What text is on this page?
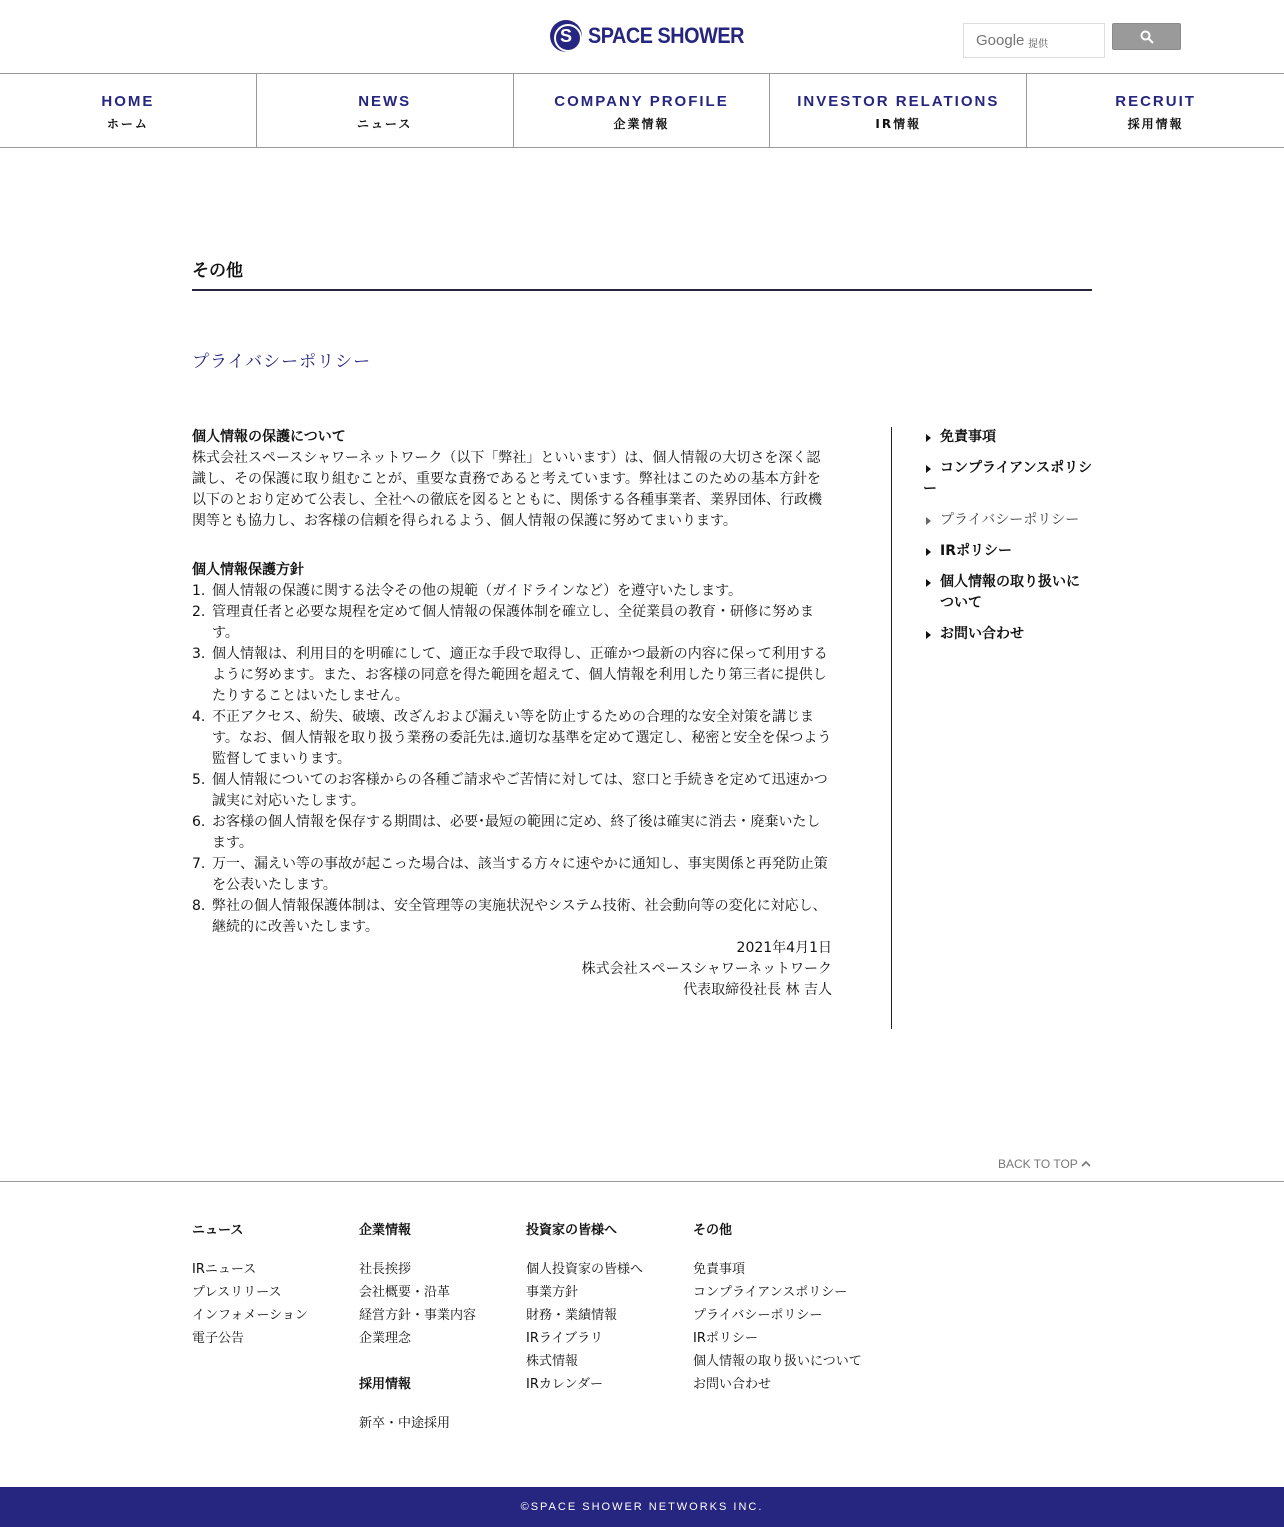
S SPACE SHOWER	Google 提供
HOME
ホーム
NEWS
ニュース
COMPANY PROFILE
企業情報
INVESTOR RELATIONS
IR情報
RECRUIT
採用情報
その他
プライバシーポリシー
個人情報の保護について

株式会社スペースシャワーネットワーク（以下「弊社」といいます）は、個人情報の大切さを深く認識し、その保護に取り組むことが、重要な責務であると考えています。弊社はこのための基本方針を以下のとおり定めて公表し、全社への徹底を図るとともに、関係する各種事業者、業界団体、行政機関等とも協力し、お客様の信頼を得られるよう、個人情報の保護に努めてまいります。

個人情報保護方針
1. 個人情報の保護に関する法令その他の規範（ガイドラインなど）を遵守いたします。
2. 管理責任者と必要な規程を定めて個人情報の保護体制を確立し、全従業員の教育・研修に努めます。
3. 個人情報は、利用目的を明確にして、適正な手段で取得し、正確かつ最新の内容に保って利用するように努めます。また、お客様の同意を得た範囲を超えて、個人情報を利用したり第三者に提供したりすることはいたしません。
4. 不正アクセス、紛失、破壊、改ざんおよび漏えい等を防止するための合理的な安全対策を講じます。なお、個人情報を取り扱う業務の委託先は.適切な基準を定めて選定し、秘密と安全を保つよう監督してまいります。
5. 個人情報についてのお客様からの各種ご請求やご苦情に対しては、窓口と手続きを定めて迅速かつ誠実に対応いたします。
6. お客様の個人情報を保存する期間は、必要･最短の範囲に定め、終了後は確実に消去・廃棄いたします。
7. 万一、漏えい等の事故が起こった場合は、該当する方々に速やかに通知し、事実関係と再発防止策を公表いたします。
8. 弊社の個人情報保護体制は、安全管理等の実施状況やシステム技術、社会動向等の変化に対応し、継続的に改善いたします。
2021年4月1日
株式会社スペースシャワーネットワーク
代表取締役社長 林 吉人
免責事項
コンプライアンスポリシー
プライバシーポリシー
IRポリシー
個人情報の取り扱いについて
お問い合わせ
BACK TO TOP
ニュース
IRニュース
プレスリリース
インフォメーション
電子公告
企業情報
社長挨拶
会社概要・沿革
経営方針・事業内容
企業理念
採用情報
新卒・中途採用
投資家の皆様へ
個人投資家の皆様へ
事業方針
財務・業績情報
IRライブラリ
株式情報
IRカレンダー
その他
免責事項
コンプライアンスポリシー
プライバシーポリシー
IRポリシー
個人情報の取り扱いについて
お問い合わせ
©SPACE SHOWER NETWORKS INC.
